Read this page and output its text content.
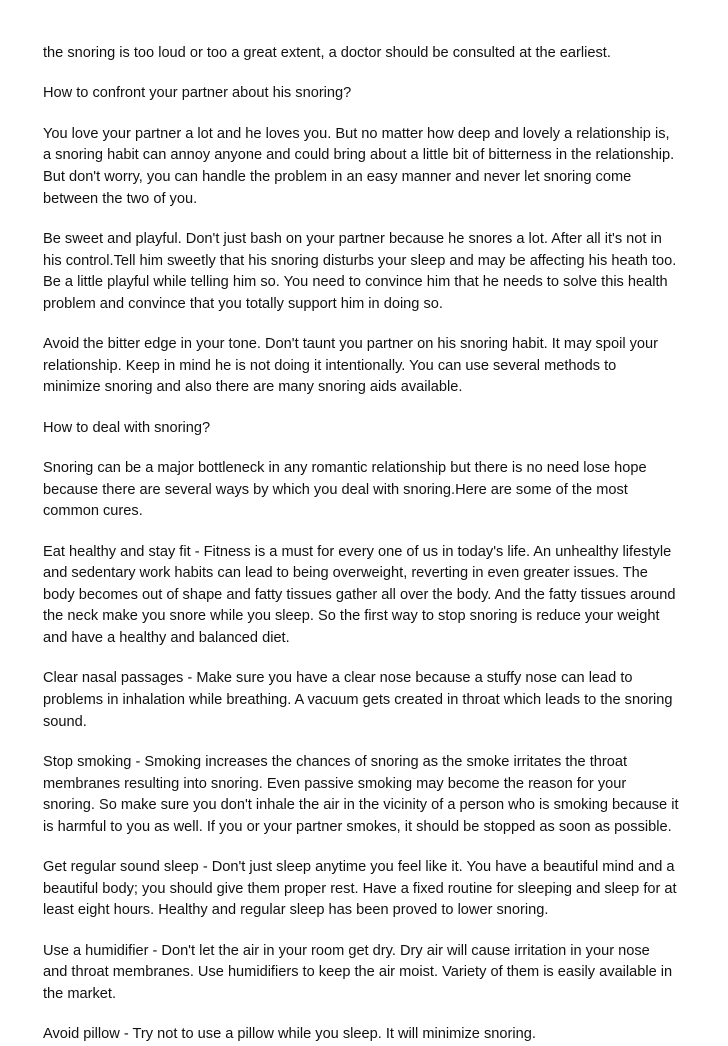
the snoring is too loud or too a great extent, a doctor should be consulted at the earliest.

How to confront your partner about his snoring?

You love your partner a lot and he loves you. But no matter how deep and lovely a relationship is,
a snoring habit can annoy anyone and could bring about a little bit of bitterness in the relationship.
But don't worry, you can handle the problem in an easy manner and never let snoring come
between the two of you.

Be sweet and playful. Don't just bash on your partner because he snores a lot. After all it's not in
his control.Tell him sweetly that his snoring disturbs your sleep and may be affecting his heath too.
Be a little playful while telling him so. You need to convince him that he needs to solve this health
problem and convince that you totally support him in doing so.

Avoid the bitter edge in your tone. Don't taunt you partner on his snoring habit. It may spoil your
relationship. Keep in mind he is not doing it intentionally. You can use several methods to
minimize snoring and also there are many snoring aids available.

How to deal with snoring?

Snoring can be a major bottleneck in any romantic relationship but there is no need lose hope
because there are several ways by which you deal with snoring.Here are some of the most
common cures.

Eat healthy and stay fit - Fitness is a must for every one of us in today's life. An unhealthy lifestyle
and sedentary work habits can lead to being overweight, reverting in even greater issues. The
body becomes out of shape and fatty tissues gather all over the body. And the fatty tissues around
the neck make you snore while you sleep. So the first way to stop snoring is reduce your weight
and have a healthy and balanced diet.

Clear nasal passages - Make sure you have a clear nose because a stuffy nose can lead to
problems in inhalation while breathing. A vacuum gets created in throat which leads to the snoring
sound.

Stop smoking - Smoking increases the chances of snoring as the smoke irritates the throat
membranes resulting into snoring. Even passive smoking may become the reason for your
snoring. So make sure you don't inhale the air in the vicinity of a person who is smoking because it
is harmful to you as well. If you or your partner smokes, it should be stopped as soon as possible.

Get regular sound sleep - Don't just sleep anytime you feel like it. You have a beautiful mind and a
beautiful body; you should give them proper rest. Have a fixed routine for sleeping and sleep for at
least eight hours. Healthy and regular sleep has been proved to lower snoring.

Use a humidifier - Don't let the air in your room get dry. Dry air will cause irritation in your nose
and throat membranes. Use humidifiers to keep the air moist. Variety of them is easily available in
the market.

Avoid pillow - Try not to use a pillow while you sleep. It will minimize snoring.
